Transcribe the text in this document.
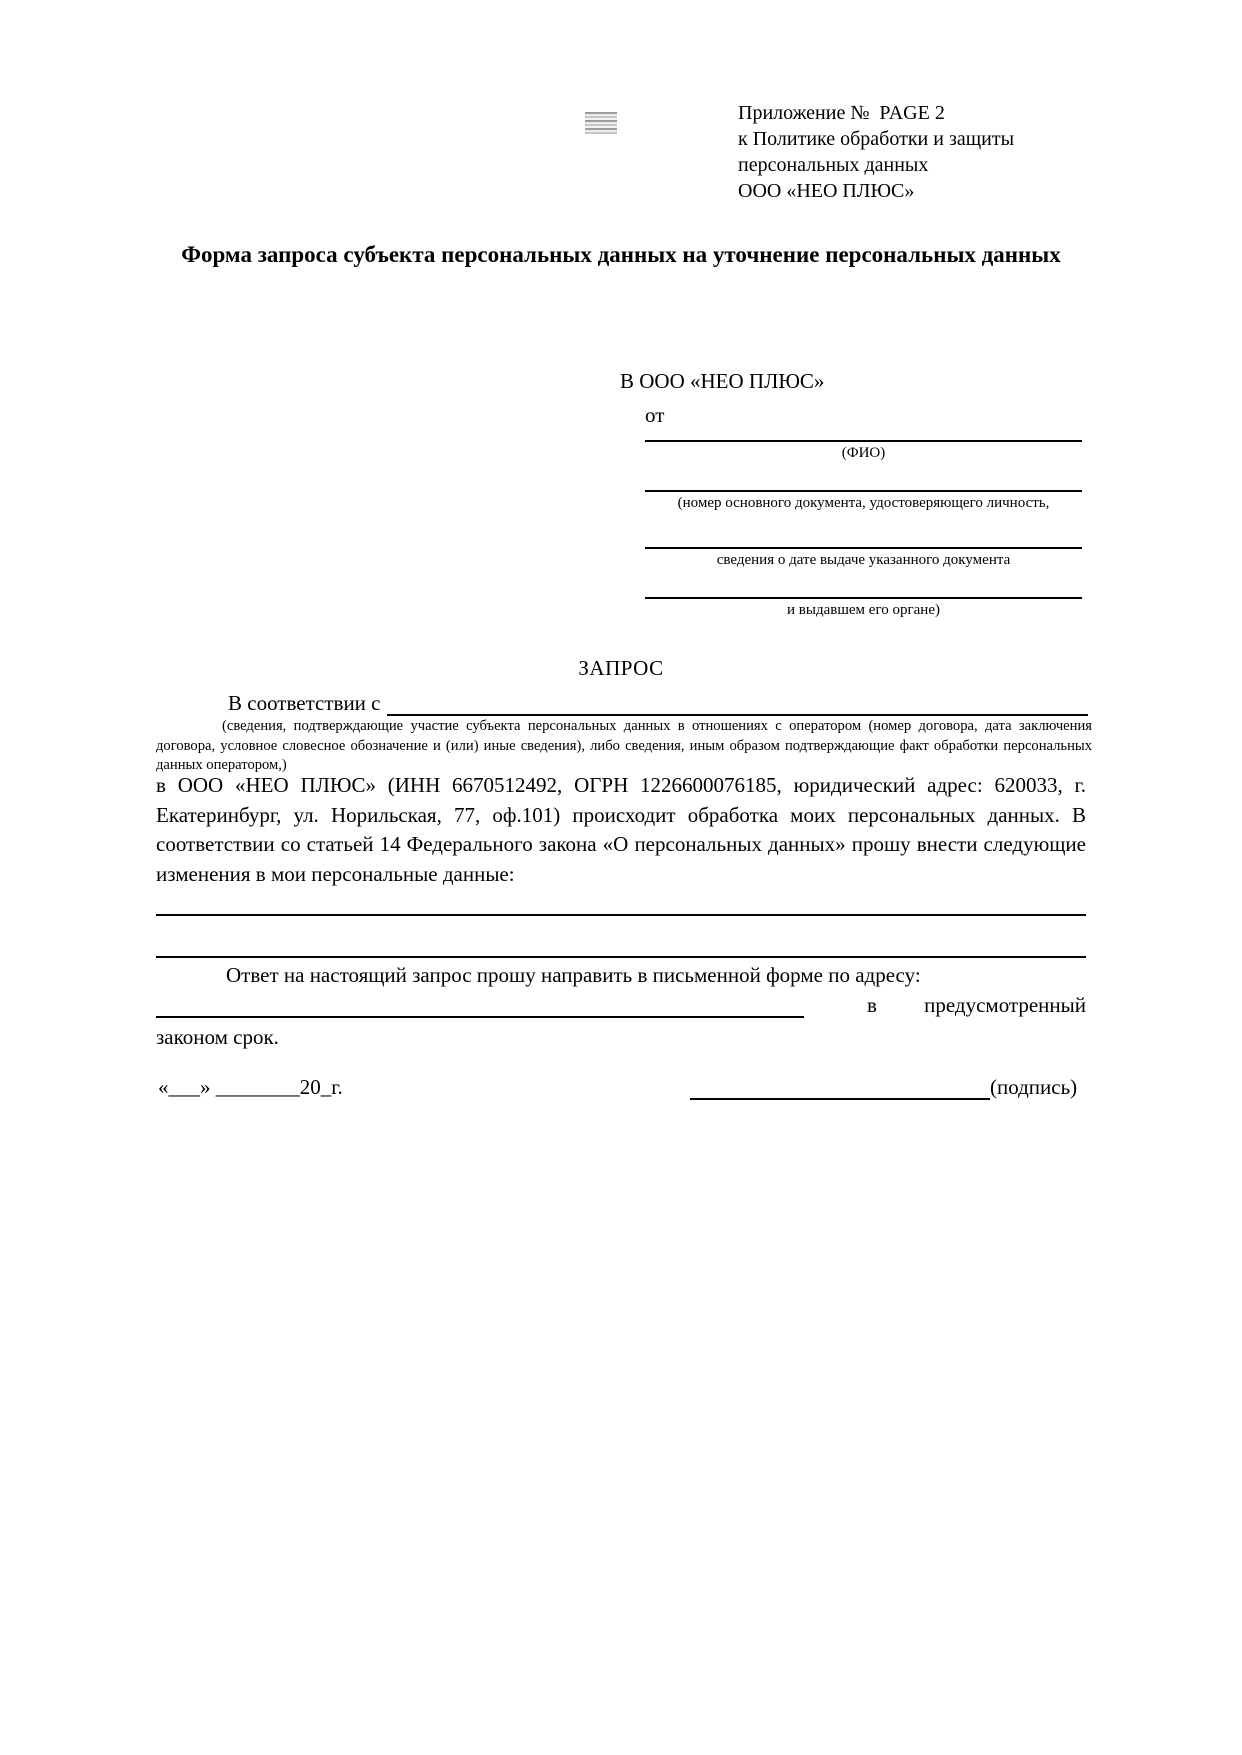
Приложение №  PAGE 2
к Политике обработки и защиты
персональных данных
ООО «НЕО ПЛЮС»
Форма запроса субъекта персональных данных на уточнение персональных данных
В ООО «НЕО ПЛЮС»
от
(ФИО)
(номер основного документа, удостоверяющего личность,
сведения о дате выдаче указанного документа
и выдавшем его органе)
ЗАПРОС
В соответствии с
(сведения, подтверждающие участие субъекта персональных данных в отношениях с оператором (номер договора, дата заключения договора, условное словесное обозначение и (или) иные сведения), либо сведения, иным образом подтверждающие факт обработки персональных данных оператором,)
в ООО «НЕО ПЛЮС» (ИНН 6670512492, ОГРН 1226600076185, юридический адрес: 620033, г. Екатеринбург, ул. Норильская, 77, оф.101) происходит обработка моих персональных данных. В соответствии со статьей 14 Федерального закона «О персональных данных» прошу внести следующие изменения в мои персональные данные:
Ответ на настоящий запрос прошу направить в письменной форме по адресу:
в предусмотренный
законом срок.
«___» ________20_г.	(подпись)
